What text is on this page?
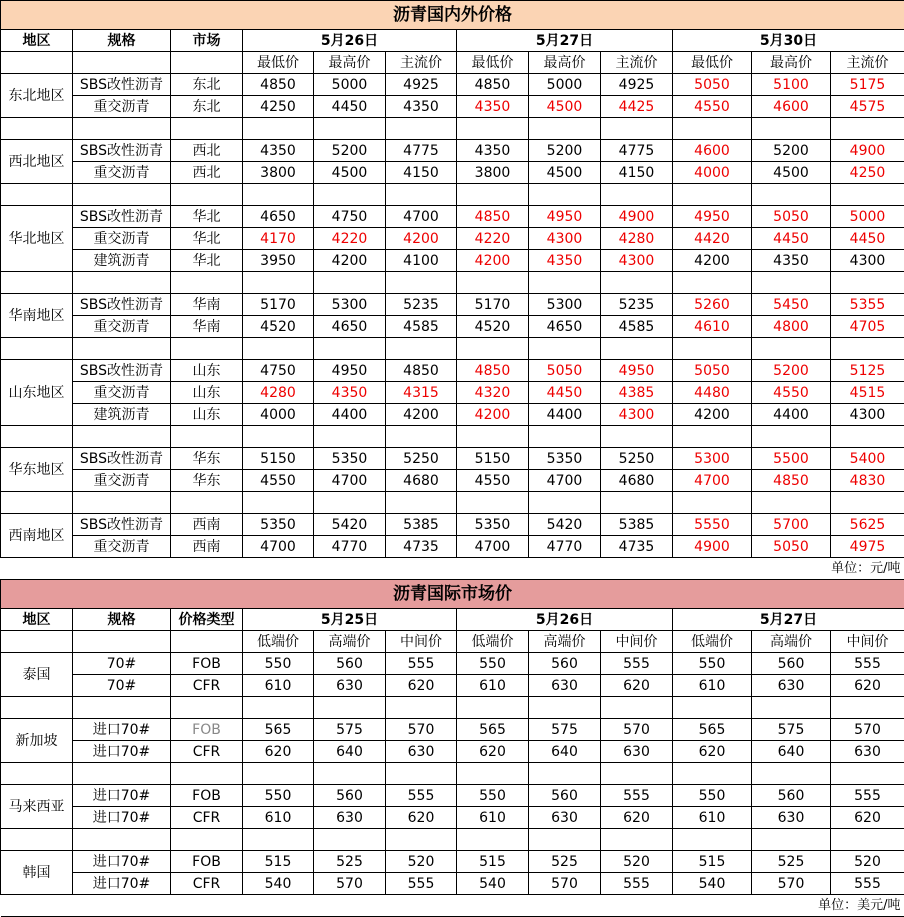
沥青国内外价格											
地区	规格	市场	5月26日			5月27日			5月30日		
			最低价	最高价	主流价	最低价	最高价	主流价	最低价	最高价	主流价
东北地区	SBS改性沥青	东北	4850	5000	4925	4850	5000	4925	5050	5100	5175
	重交沥青	东北	4250	4450	4350	4350	4500	4425	4550	4600	4575

西北地区	SBS改性沥青	西北	4350	5200	4775	4350	5200	4775	4600	5200	4900
	重交沥青	西北	3800	4500	4150	3800	4500	4150	4000	4500	4250

华北地区	SBS改性沥青	华北	4650	4750	4700	4850	4950	4900	4950	5050	5000
	重交沥青	华北	4170	4220	4200	4220	4300	4280	4420	4450	4450
	建筑沥青	华北	3950	4200	4100	4200	4350	4300	4200	4350	4300

华南地区	SBS改性沥青	华南	5170	5300	5235	5170	5300	5235	5260	5450	5355
	重交沥青	华南	4520	4650	4585	4520	4650	4585	4610	4800	4705

山东地区	SBS改性沥青	山东	4750	4950	4850	4850	5050	4950	5050	5200	5125
	重交沥青	山东	4280	4350	4315	4320	4450	4385	4480	4550	4515
	建筑沥青	山东	4000	4400	4200	4200	4400	4300	4200	4400	4300

华东地区	SBS改性沥青	华东	5150	5350	5250	5150	5350	5250	5300	5500	5400
	重交沥青	华东	4550	4700	4680	4550	4700	4680	4700	4850	4830

西南地区	SBS改性沥青	西南	5350	5420	5385	5350	5420	5385	5550	5700	5625
	重交沥青	西南	4700	4770	4735	4700	4770	4735	4900	5050	4975
单位：元/吨											
沥青国际市场价											
地区	规格	价格类型	5月25日			5月26日			5月27日		
			低端价	高端价	中间价	低端价	高端价	中间价	低端价	高端价	中间价
泰国	70#	FOB	550	560	555	550	560	555	550	560	555
	70#	CFR	610	630	620	610	630	620	610	630	620

新加坡	进口70#	FOB	565	575	570	565	575	570	565	575	570
	进口70#	CFR	620	640	630	620	640	630	620	640	630

马来西亚	进口70#	FOB	550	560	555	550	560	555	550	560	555
	进口70#	CFR	610	630	620	610	630	620	610	630	620

韩国	进口70#	FOB	515	525	520	515	525	520	515	525	520
	进口70#	CFR	540	570	555	540	570	555	540	570	555
单位：美元/吨											
